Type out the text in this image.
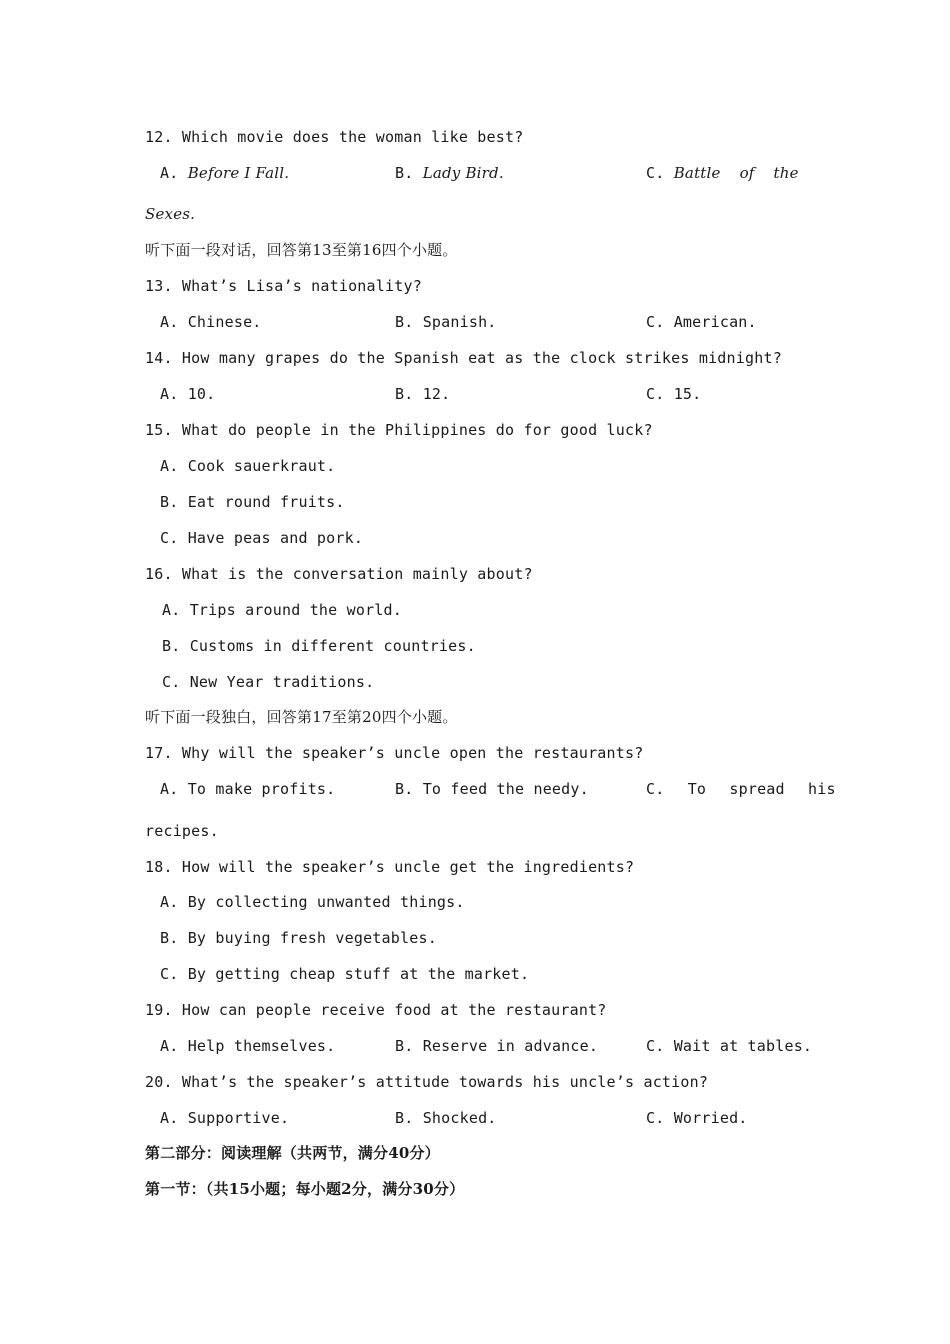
12. Which movie does the woman like best?
A. Before I Fall.	B. Lady Bird.	C. Battle of the
Sexes.
听下面一段对话，回答第13至第16四个小题。
13. What’s Lisa’s nationality?
A. Chinese.	B. Spanish.	C. American.
14. How many grapes do the Spanish eat as the clock strikes midnight?
A. 10.	B. 12.	C. 15.
15. What do people in the Philippines do for good luck?
A. Cook sauerkraut.
B. Eat round fruits.
C. Have peas and pork.
16. What is the conversation mainly about?
A. Trips around the world.
B. Customs in different countries.
C. New Year traditions.
听下面一段独白，回答第17至第20四个小题。
17. Why will the speaker’s uncle open the restaurants?
A. To make profits.	B. To feed the needy.	C. To spread his
recipes.
18. How will the speaker’s uncle get the ingredients?
A. By collecting unwanted things.
B. By buying fresh vegetables.
C. By getting cheap stuff at the market.
19. How can people receive food at the restaurant?
A. Help themselves.	B. Reserve in advance.	C. Wait at tables.
20. What’s the speaker’s attitude towards his uncle’s action?
A. Supportive.	B. Shocked.	C. Worried.
第二部分：阅读理解（共两节，满分40分）
第一节：（共15小题；每小题2分，满分30分）
